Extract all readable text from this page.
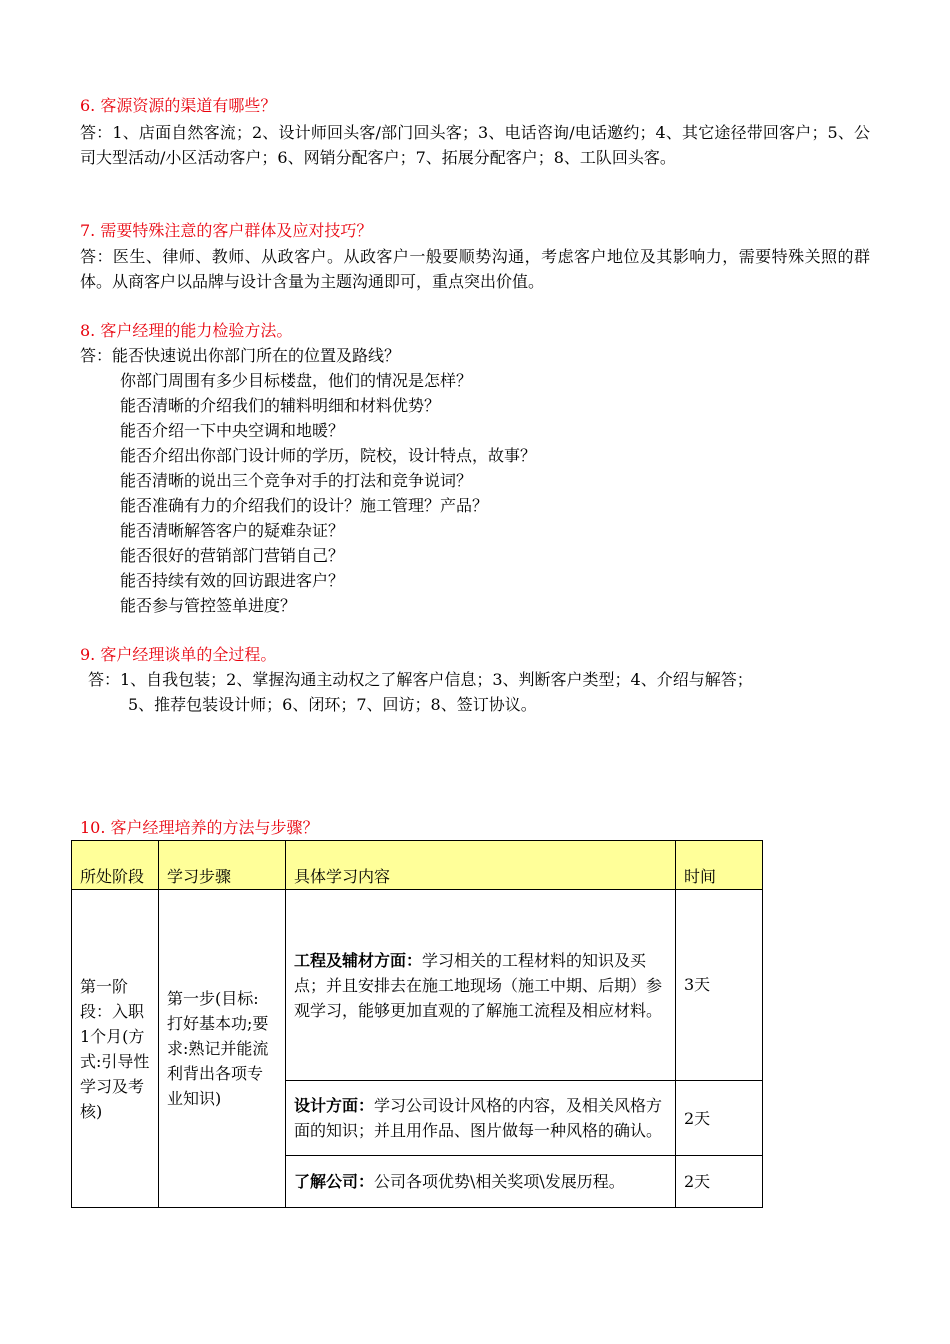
6. 客源资源的渠道有哪些？
答：1、店面自然客流；2、设计师回头客/部门回头客；3、电话咨询/电话邀约；4、其它途径带回客户；5、公司大型活动/小区活动客户；6、网销分配客户；7、拓展分配客户；8、工队回头客。
7. 需要特殊注意的客户群体及应对技巧？
答：医生、律师、教师、从政客户。从政客户一般要顺势沟通，考虑客户地位及其影响力，需要特殊关照的群体。从商客户以品牌与设计含量为主题沟通即可，重点突出价值。
8. 客户经理的能力检验方法。
答：能否快速说出你部门所在的位置及路线？
你部门周围有多少目标楼盘，他们的情况是怎样？
能否清晰的介绍我们的辅料明细和材料优势？
能否介绍一下中央空调和地暖？
能否介绍出你部门设计师的学历，院校，设计特点，故事？
能否清晰的说出三个竞争对手的打法和竞争说词？
能否准确有力的介绍我们的设计？施工管理？产品？
能否清晰解答客户的疑难杂证？
能否很好的营销部门营销自己？
能否持续有效的回访跟进客户？
能否参与管控签单进度？
9. 客户经理谈单的全过程。
答：1、自我包装；2、掌握沟通主动权之了解客户信息；3、判断客户类型；4、介绍与解答；
5、推荐包装设计师；6、闭环；7、回访；8、签订协议。
10. 客户经理培养的方法与步骤？
所处阶段	学习步骤	具体学习内容	时间

第一阶段：入职1个月(方式:引导性学习及考核)	第一步(目标:打好基本功;要求:熟记并能流利背出各项专业知识)	工程及辅材方面：学习相关的工程材料的知识及买点；并且安排去在施工地现场（施工中期、后期）参观学习，能够更加直观的了解施工流程及相应材料。	3天

		设计方面：学习公司设计风格的内容，及相关风格方面的知识；并且用作品、图片做每一种风格的确认。	2天

		了解公司：公司各项优势\相关奖项\发展历程。	2天
